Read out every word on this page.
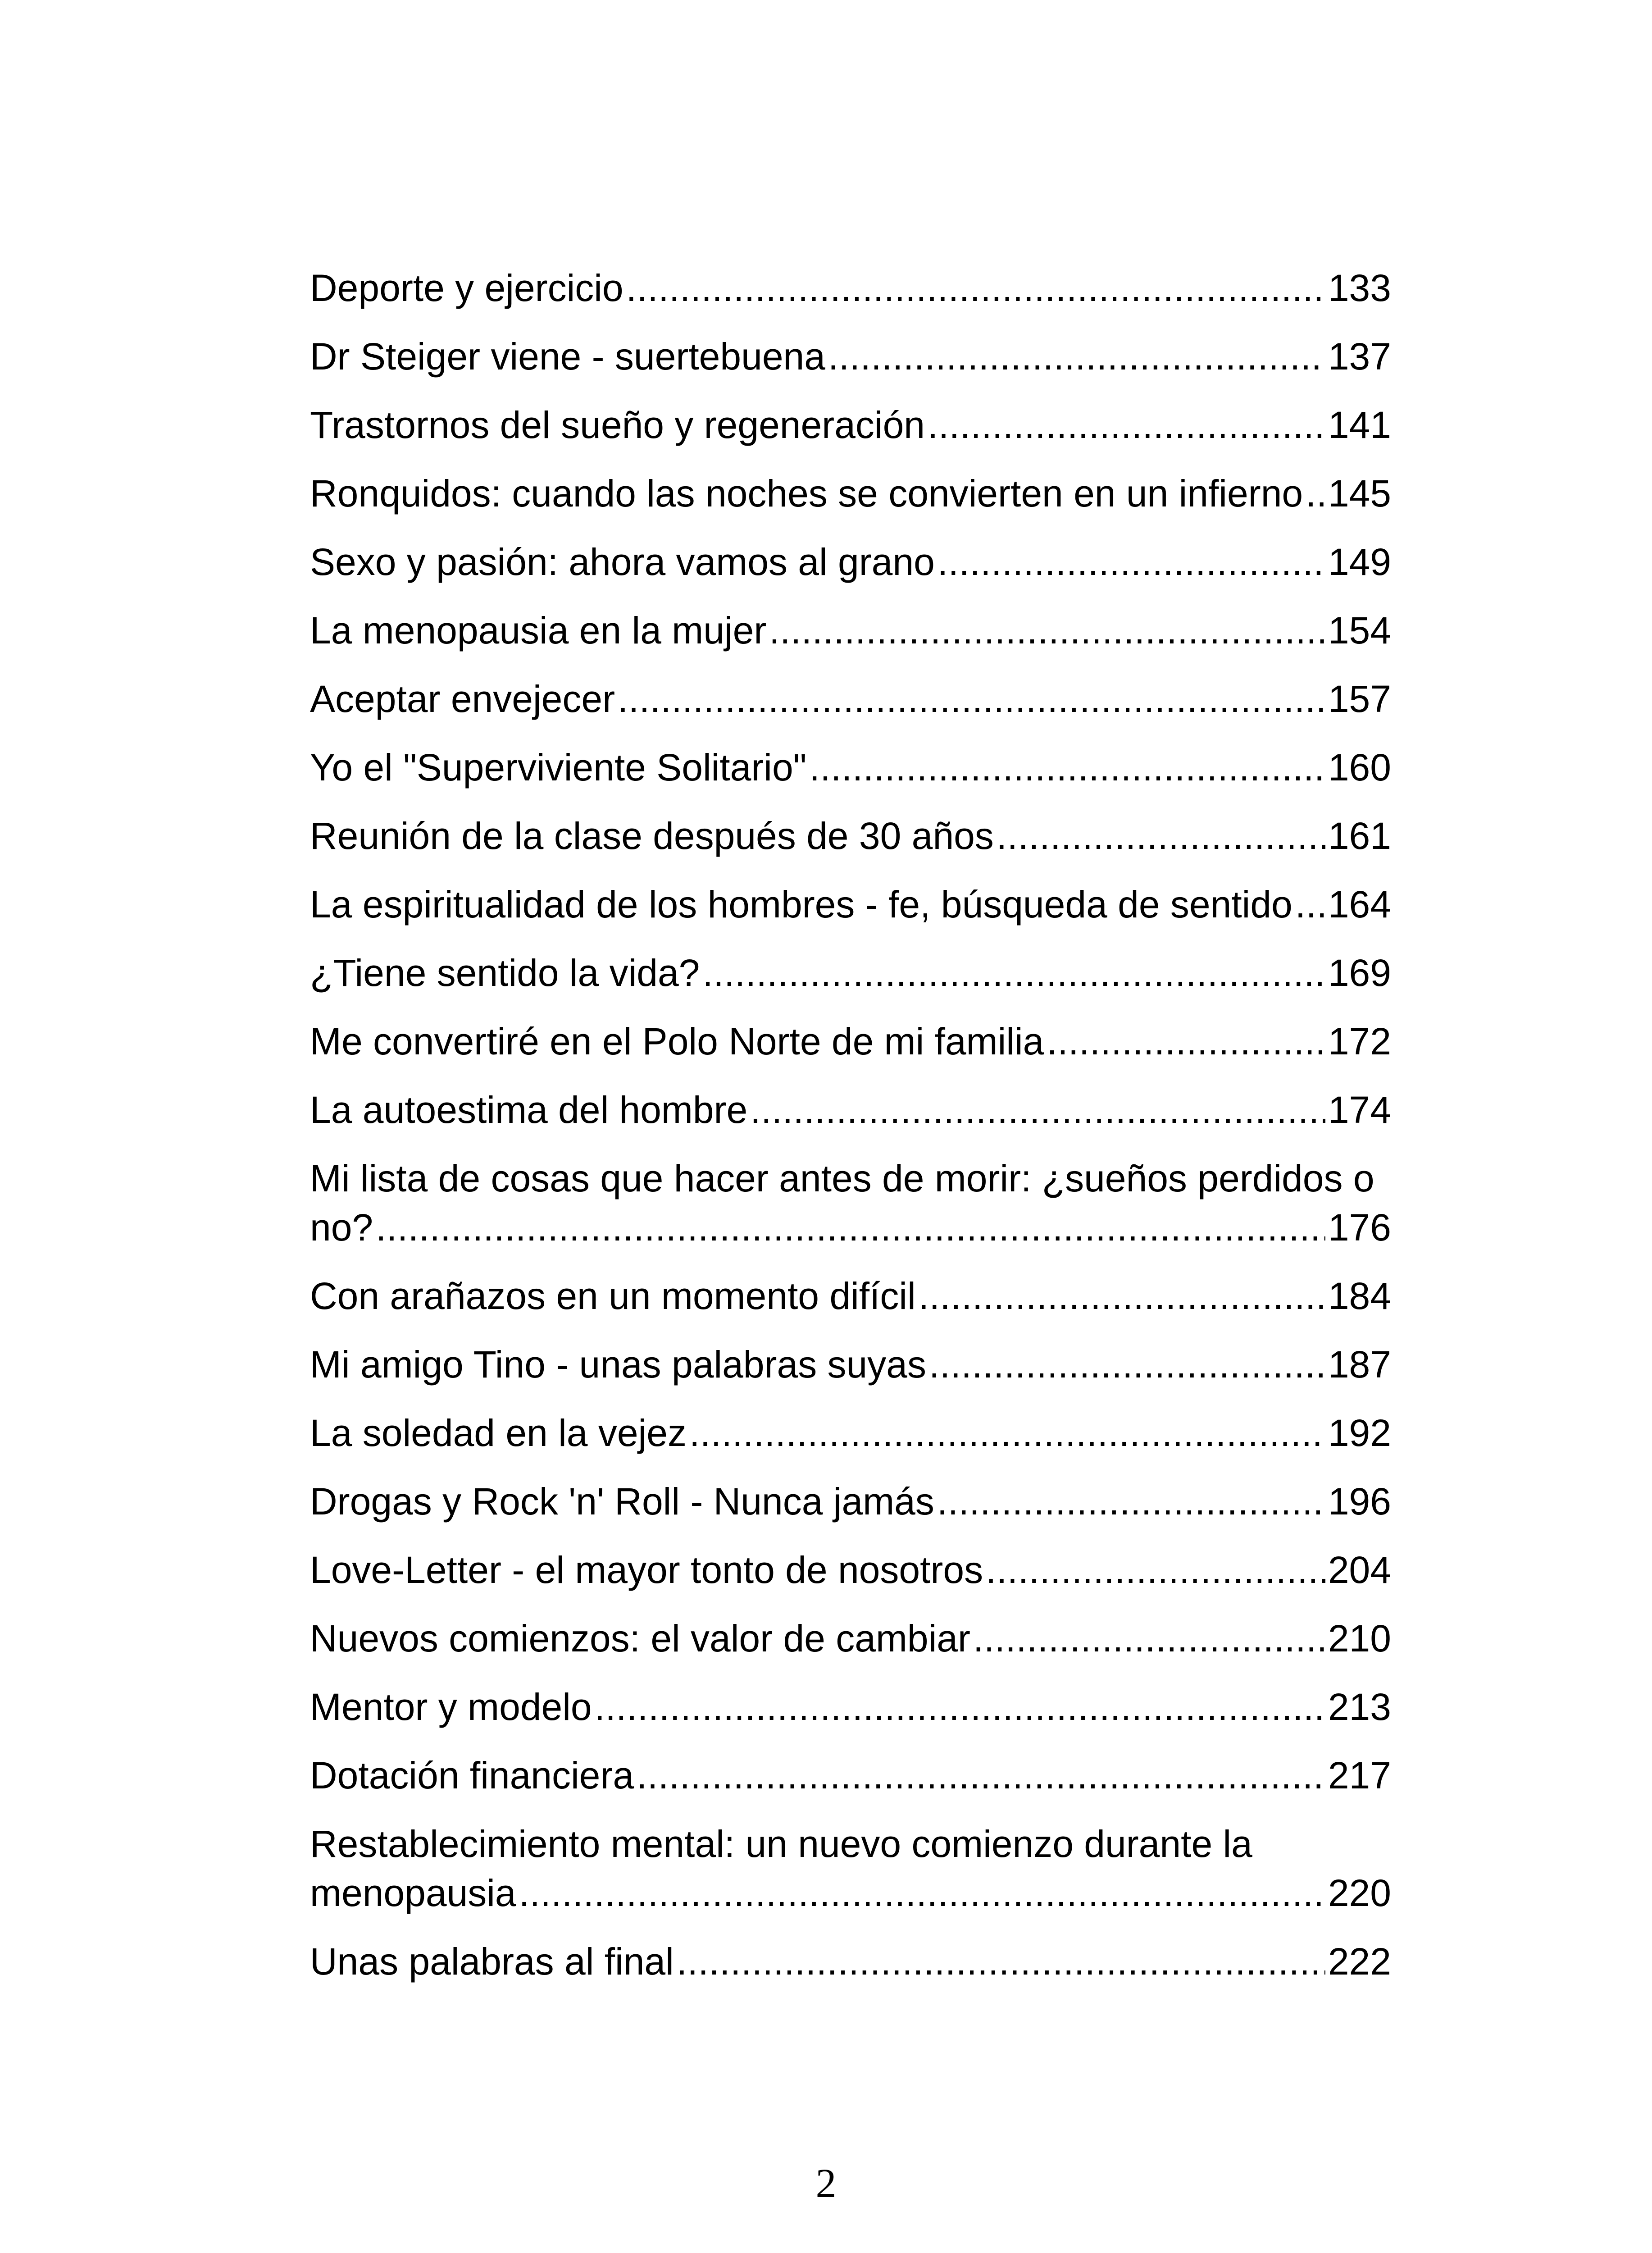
Deporte y ejercicio .....	133
Dr Steiger viene - suertebuena .....	137
Trastornos del sueño y regeneración .....	141
Ronquidos: cuando las noches se convierten en un infierno ..... 145
Sexo y pasión: ahora vamos al grano .....	149
La menopausia en la mujer .....	154
Aceptar envejecer .....	157
Yo el "Superviviente Solitario" .....	160
Reunión de la clase después de 30 años .....	161
La espiritualidad de los hombres - fe, búsqueda de sentido ..... 164
¿Tiene sentido la vida? .....	169
Me convertiré en el Polo Norte de mi familia .....	172
La autoestima del hombre .....	174
Mi lista de cosas que hacer antes de morir: ¿sueños perdidos o
no? .....	176
Con arañazos en un momento difícil .....	184
Mi amigo Tino - unas palabras suyas .....	187
La soledad en la vejez .....	192
Drogas y Rock 'n' Roll - Nunca jamás .....	196
Love-Letter - el mayor tonto de nosotros .....	204
Nuevos comienzos: el valor de cambiar .....	210
Mentor y modelo .....	213
Dotación financiera .....	217
Restablecimiento mental: un nuevo comienzo durante la
menopausia .....	220
Unas palabras al final .....	222
2
